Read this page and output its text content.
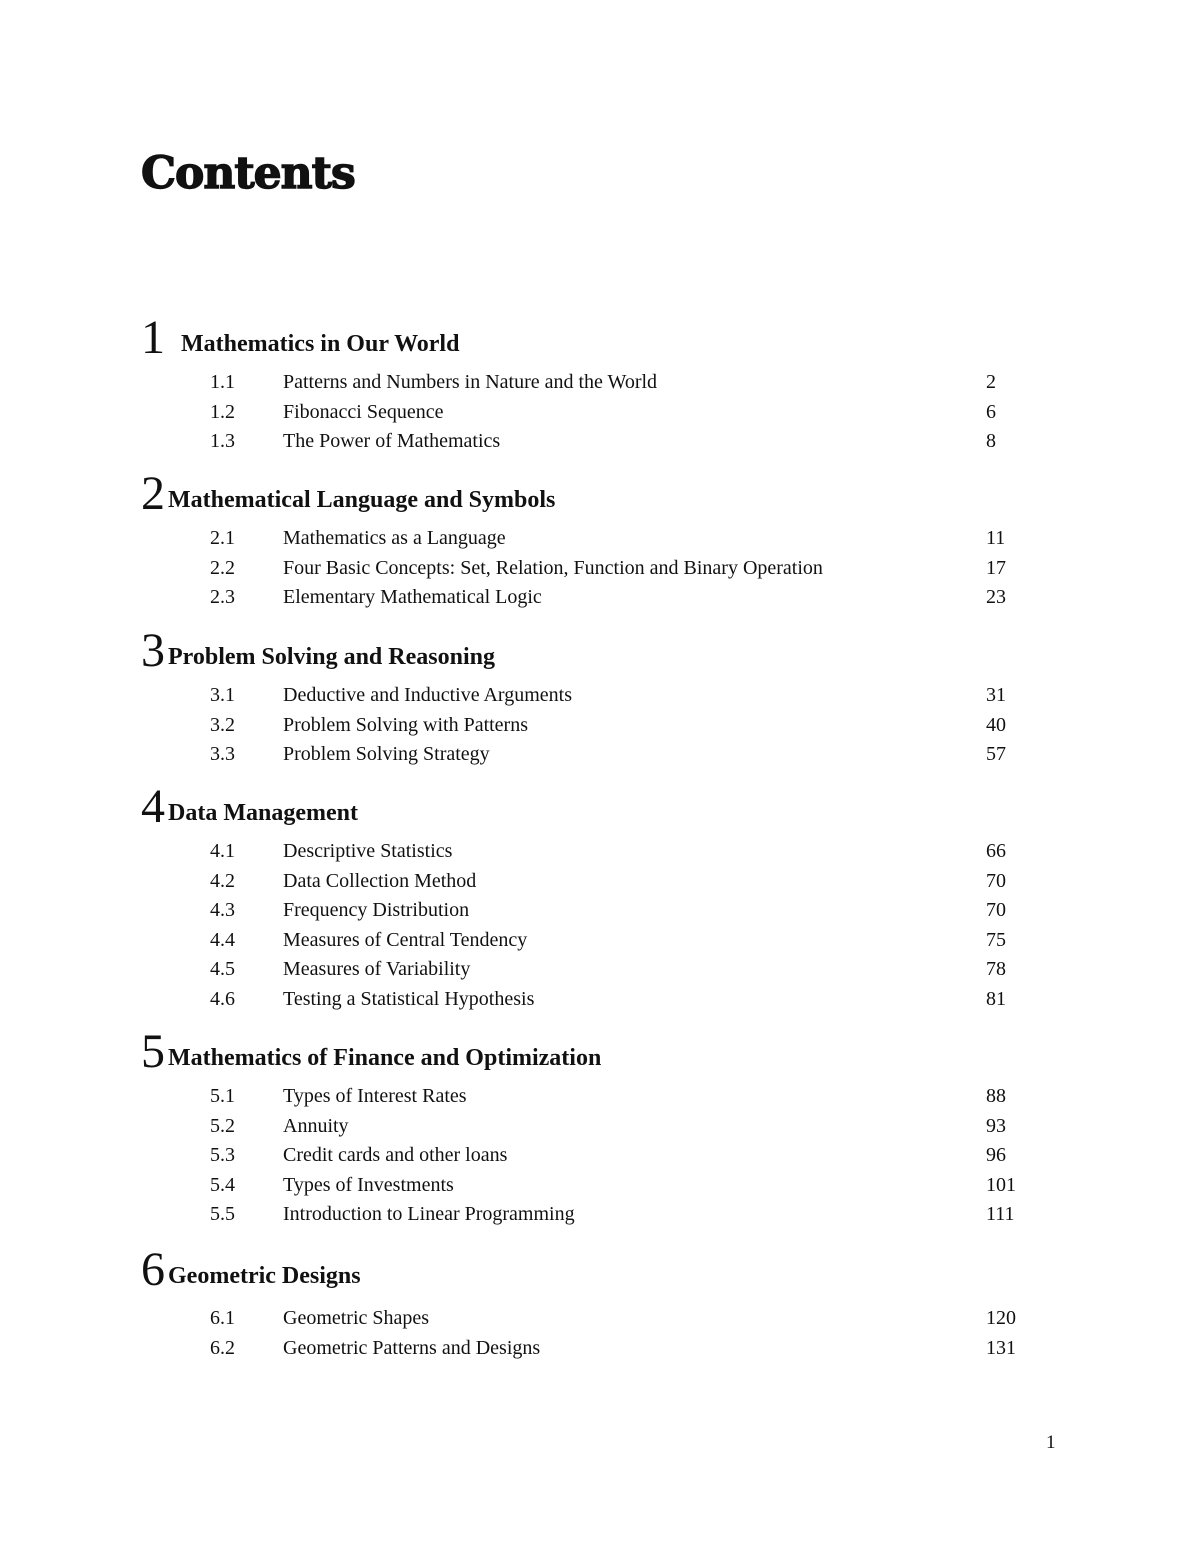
Contents
1 Mathematics in Our World
1.1 Patterns and Numbers in Nature and the World	2
1.2 Fibonacci Sequence	6
1.3 The Power of Mathematics	8
2 Mathematical Language and Symbols
2.1 Mathematics as a Language	11
2.2 Four Basic Concepts: Set, Relation, Function and Binary Operation	17
2.3 Elementary Mathematical Logic	23
3 Problem Solving and Reasoning
3.1 Deductive and Inductive Arguments	31
3.2 Problem Solving with Patterns	40
3.3 Problem Solving Strategy	57
4 Data Management
4.1 Descriptive Statistics	66
4.2 Data Collection Method	70
4.3 Frequency Distribution	70
4.4 Measures of Central Tendency	75
4.5 Measures of Variability	78
4.6 Testing a Statistical Hypothesis	81
5 Mathematics of Finance and Optimization
5.1 Types of Interest Rates	88
5.2 Annuity	93
5.3 Credit cards and other loans	96
5.4 Types of Investments	101
5.5 Introduction to Linear Programming	111
6 Geometric Designs
6.1 Geometric Shapes	120
6.2 Geometric Patterns and Designs	131
1
